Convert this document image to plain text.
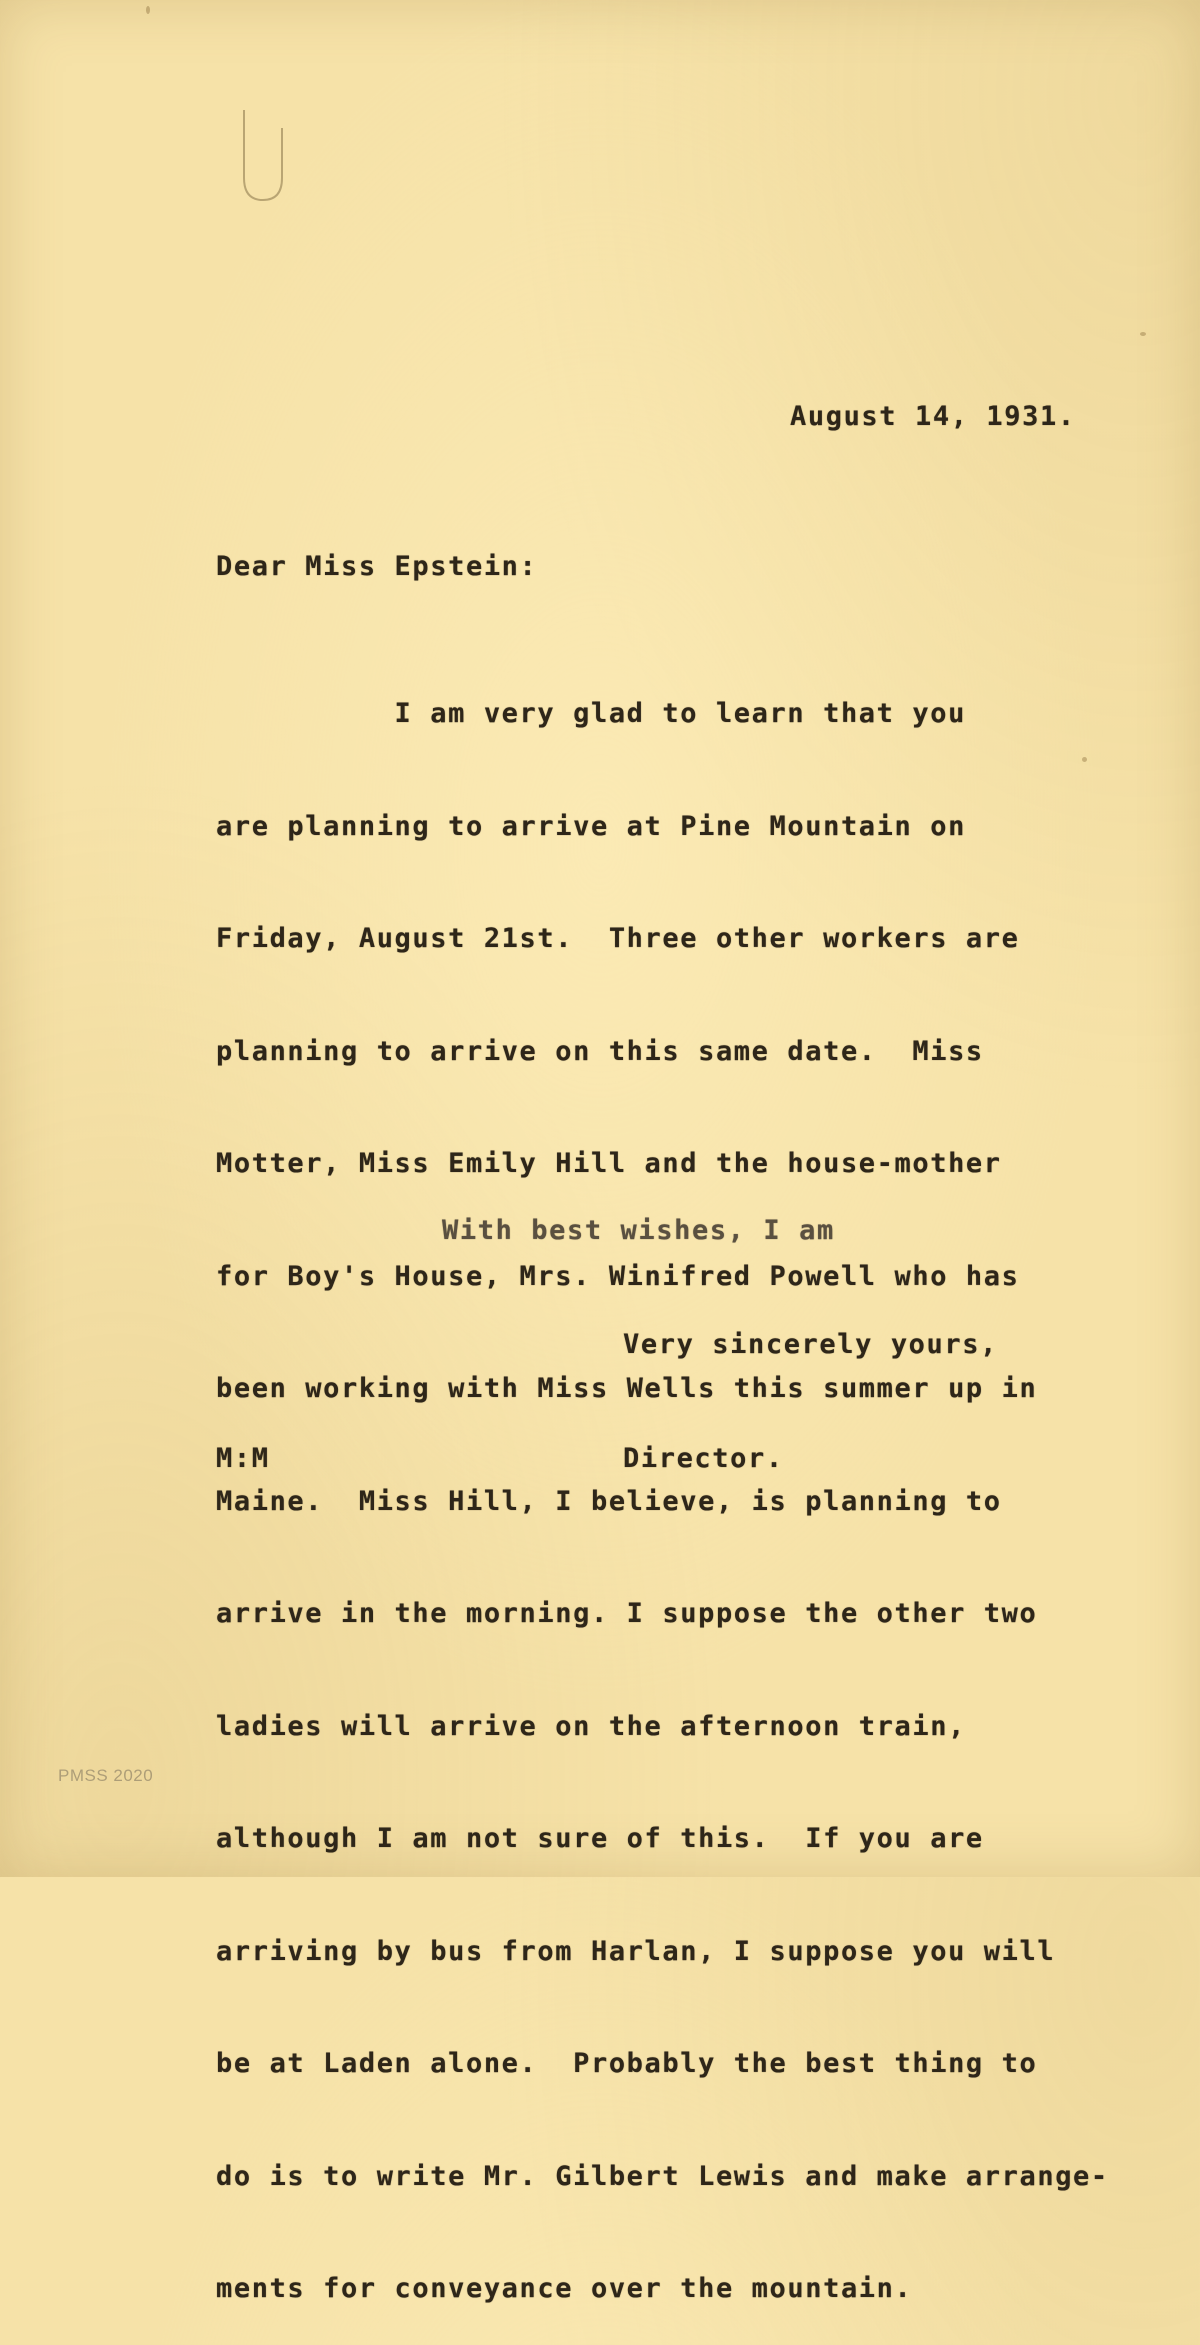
August 14, 1931.
Dear Miss Epstein:

I am very glad to learn that you

are planning to arrive at Pine Mountain on

Friday, August 21st.  Three other workers are

planning to arrive on this same date.  Miss

Motter, Miss Emily Hill and the house-mother

for Boy's House, Mrs. Winifred Powell who has

been working with Miss Wells this summer up in

Maine.  Miss Hill, I believe, is planning to

arrive in the morning. I suppose the other two

ladies will arrive on the afternoon train,

although I am not sure of this.  If you are

arriving by bus from Harlan, I suppose you will

be at Laden alone.  Probably the best thing to

do is to write Mr. Gilbert Lewis and make arrange-

ments for conveyance over the mountain.

With best wishes, I am
Very sincerely yours,
M:M	Director.
PMSS 2020
